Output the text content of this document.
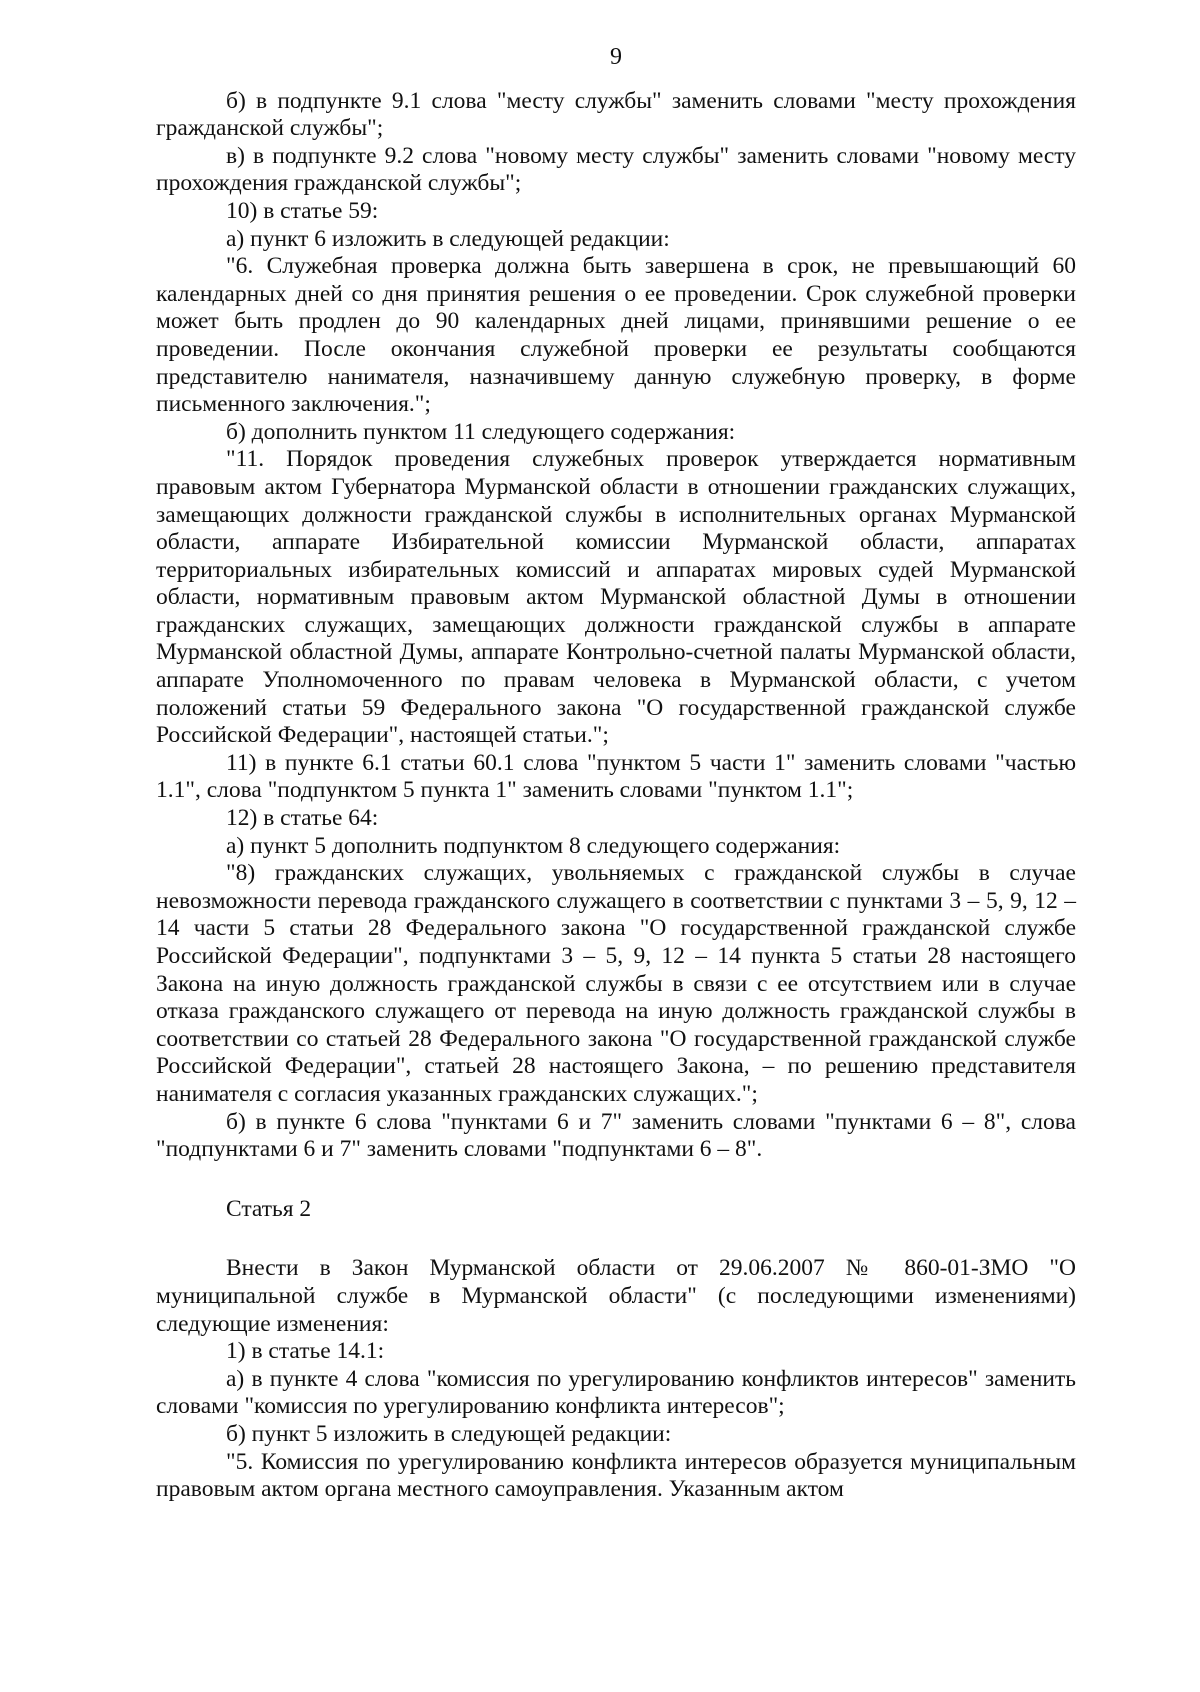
9

б) в подпункте 9.1 слова "месту службы" заменить словами "месту прохождения гражданской службы";

в) в подпункте 9.2 слова "новому месту службы" заменить словами "новому месту прохождения гражданской службы";

10) в статье 59:

а) пункт 6 изложить в следующей редакции:

"6. Служебная проверка должна быть завершена в срок, не превышающий 60 календарных дней со дня принятия решения о ее проведении. Срок служебной проверки может быть продлен до 90 календарных дней лицами, принявшими решение о ее проведении. После окончания служебной проверки ее результаты сообщаются представителю нанимателя, назначившему данную служебную проверку, в форме письменного заключения.";

б) дополнить пунктом 11 следующего содержания:

"11. Порядок проведения служебных проверок утверждается нормативным правовым актом Губернатора Мурманской области в отношении гражданских служащих, замещающих должности гражданской службы в исполнительных органах Мурманской области, аппарате Избирательной комиссии Мурманской области, аппаратах территориальных избирательных комиссий и аппаратах мировых судей Мурманской области, нормативным правовым актом Мурманской областной Думы в отношении гражданских служащих, замещающих должности гражданской службы в аппарате Мурманской областной Думы, аппарате Контрольно-счетной палаты Мурманской области, аппарате Уполномоченного по правам человека в Мурманской области, с учетом положений статьи 59 Федерального закона "О государственной гражданской службе Российской Федерации", настоящей статьи.";

11) в пункте 6.1 статьи 60.1 слова "пунктом 5 части 1" заменить словами "частью 1.1", слова "подпунктом 5 пункта 1" заменить словами "пунктом 1.1";

12) в статье 64:

а) пункт 5 дополнить подпунктом 8 следующего содержания:

"8) гражданских служащих, увольняемых с гражданской службы в случае невозможности перевода гражданского служащего в соответствии с пунктами 3 – 5, 9, 12 – 14 части 5 статьи 28 Федерального закона "О государственной гражданской службе Российской Федерации", подпунктами 3 – 5, 9, 12 – 14 пункта 5 статьи 28 настоящего Закона на иную должность гражданской службы в связи с ее отсутствием или в случае отказа гражданского служащего от перевода на иную должность гражданской службы в соответствии со статьей 28 Федерального закона "О государственной гражданской службе Российской Федерации", статьей 28 настоящего Закона, – по решению представителя нанимателя с согласия указанных гражданских служащих.";

б) в пункте 6 слова "пунктами 6 и 7" заменить словами "пунктами 6 – 8", слова "подпунктами 6 и 7" заменить словами "подпунктами 6 – 8".

Статья 2

Внести в Закон Мурманской области от 29.06.2007 № 860-01-ЗМО "О муниципальной службе в Мурманской области" (с последующими изменениями) следующие изменения:

1) в статье 14.1:

а) в пункте 4 слова "комиссия по урегулированию конфликтов интересов" заменить словами "комиссия по урегулированию конфликта интересов";

б) пункт 5 изложить в следующей редакции:

"5. Комиссия по урегулированию конфликта интересов образуется муниципальным правовым актом органа местного самоуправления. Указанным актом
